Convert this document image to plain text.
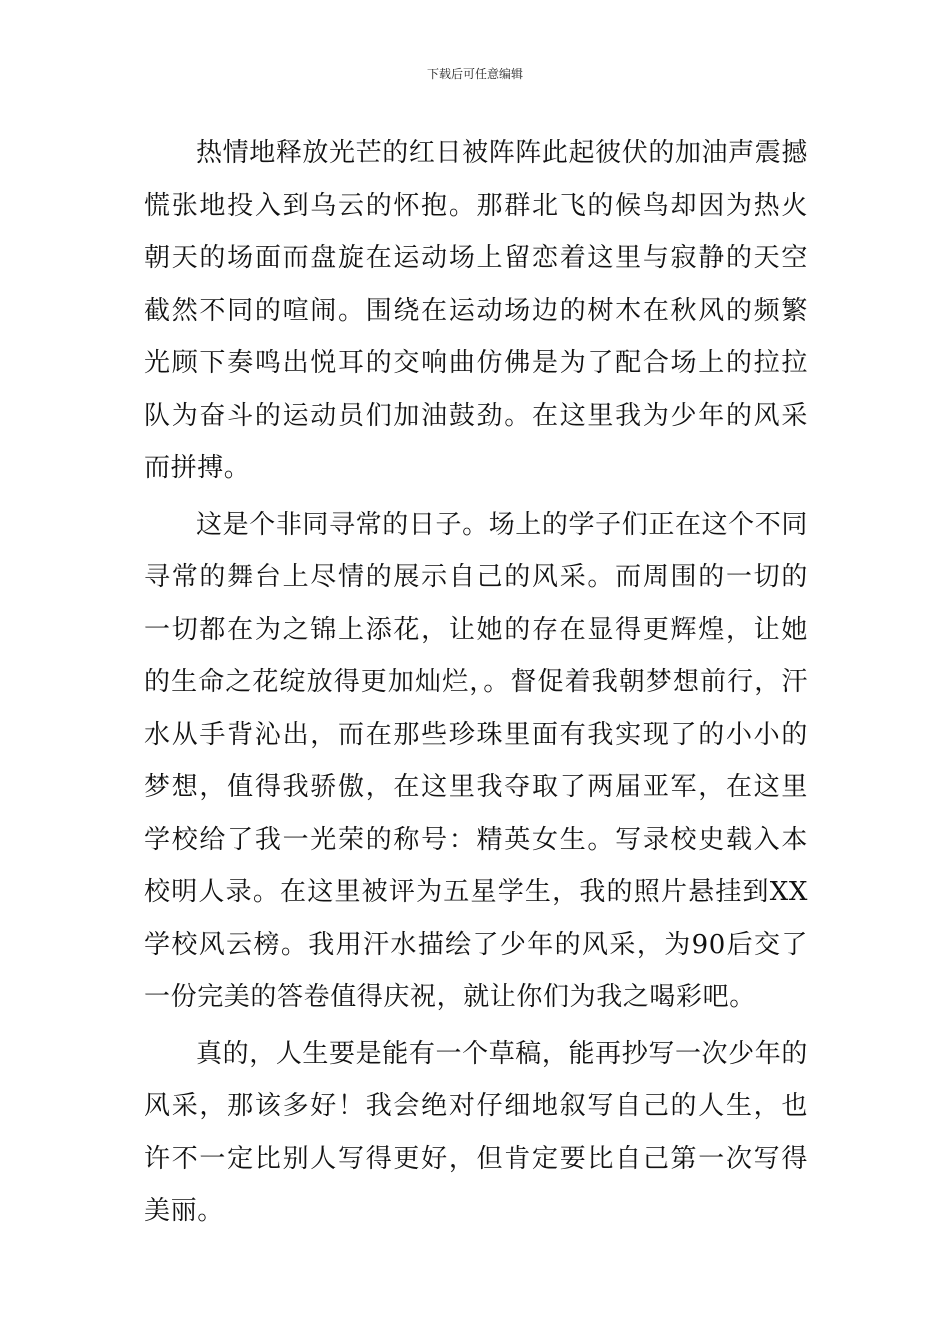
下载后可任意编辑

热情地释放光芒的红日被阵阵此起彼伏的加油声震撼慌张地投入到乌云的怀抱。那群北飞的候鸟却因为热火朝天的场面而盘旋在运动场上留恋着这里与寂静的天空截然不同的喧闹。围绕在运动场边的树木在秋风的频繁光顾下奏鸣出悦耳的交响曲仿佛是为了配合场上的拉拉队为奋斗的运动员们加油鼓劲。在这里我为少年的风采而拼搏。

这是个非同寻常的日子。场上的学子们正在这个不同寻常的舞台上尽情的展示自己的风采。而周围的一切的一切都在为之锦上添花，让她的存在显得更辉煌，让她的生命之花绽放得更加灿烂，。督促着我朝梦想前行，汗水从手背沁出，而在那些珍珠里面有我实现了的小小的梦想，值得我骄傲，在这里我夺取了两届亚军，在这里学校给了我一光荣的称号：精英女生。写录校史载入本校明人录。在这里被评为五星学生，我的照片悬挂到XX学校风云榜。我用汗水描绘了少年的风采，为90后交了一份完美的答卷值得庆祝，就让你们为我之喝彩吧。

真的，人生要是能有一个草稿，能再抄写一次少年的风采，那该多好！我会绝对仔细地叙写自己的人生，也许不一定比别人写得更好，但肯定要比自己第一次写得美丽。
